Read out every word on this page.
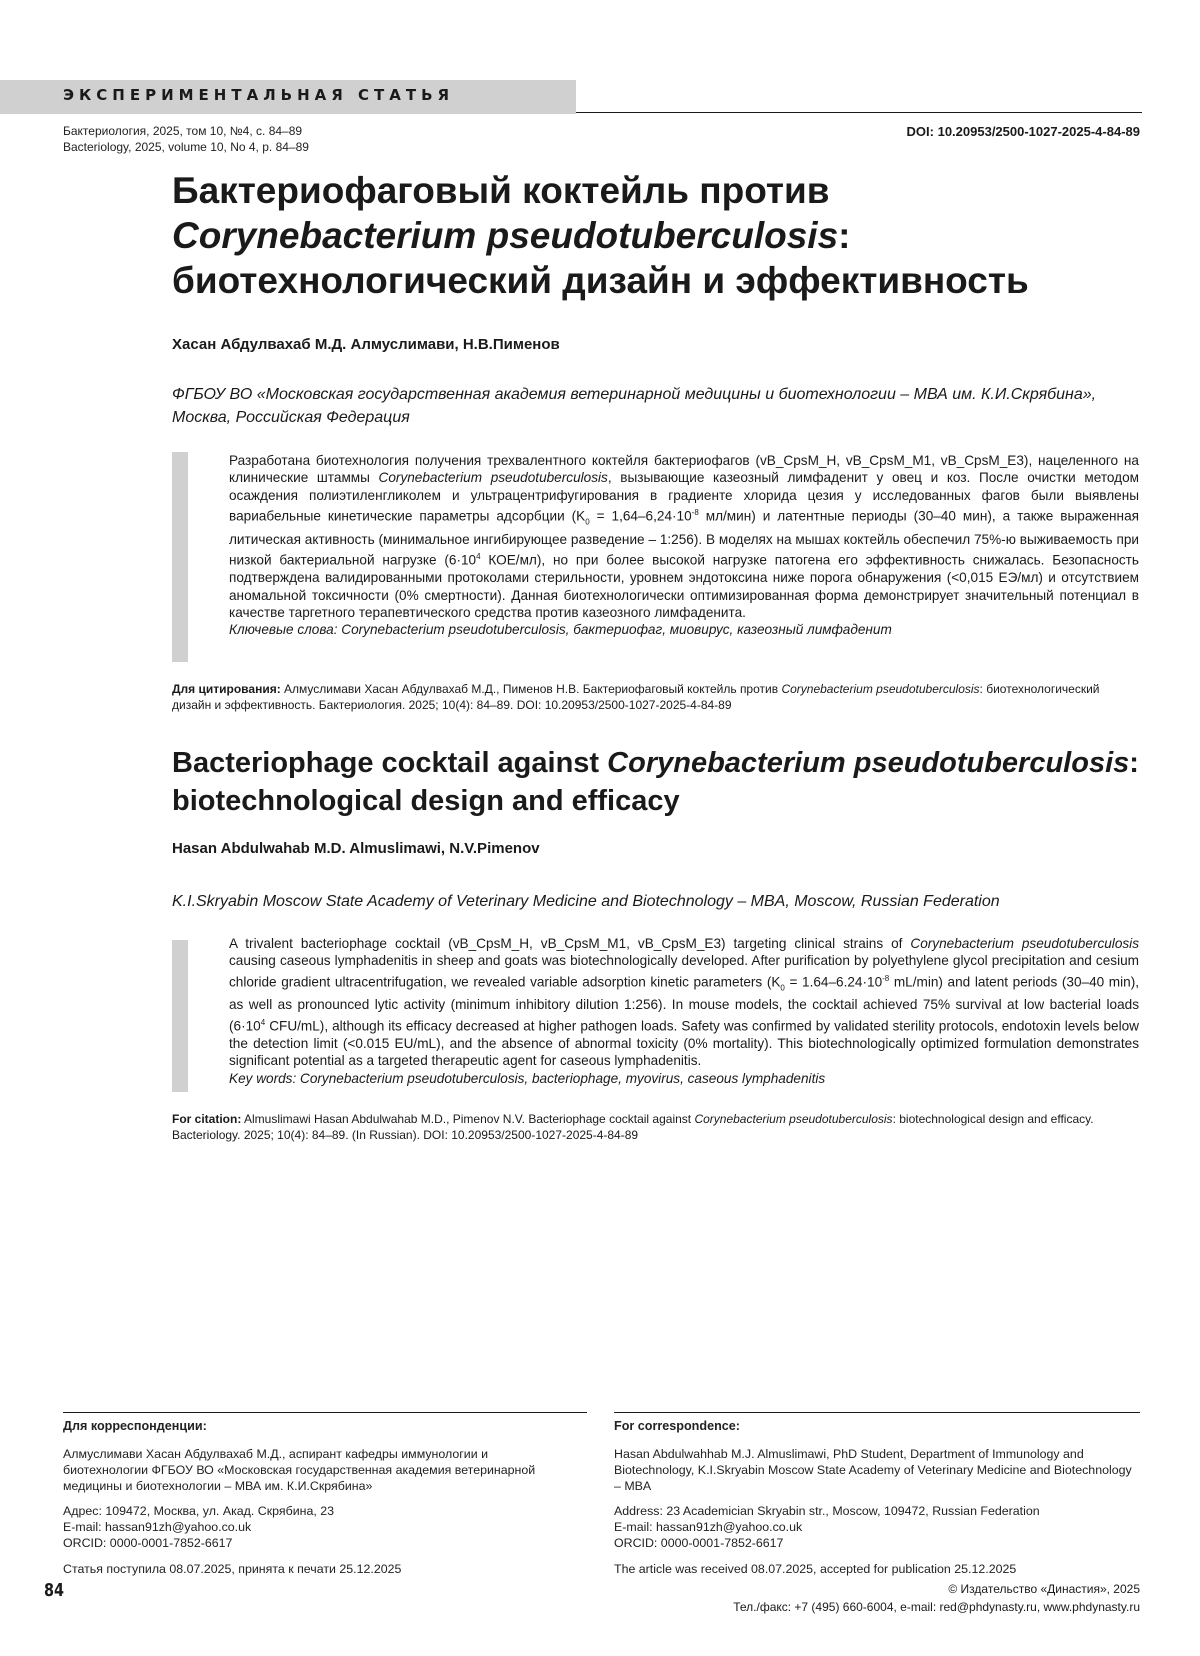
ЭКСПЕРИМЕНТАЛЬНАЯ СТАТЬЯ
Бактериология, 2025, том 10, №4, с. 84–89
Bacteriology, 2025, volume 10, No 4, p. 84–89
DOI: 10.20953/2500-1027-2025-4-84-89
Бактериофаговый коктейль против
Corynebacterium pseudotuberculosis:
биотехнологический дизайн и эффективность
Хасан Абдулвахаб М.Д. Алмуслимави, Н.В.Пименов
ФГБОУ ВО «Московская государственная академия ветеринарной медицины и биотехнологии – МВА им. К.И.Скрябина», Москва, Российская Федерация
Разработана биотехнология получения трехвалентного коктейля бактериофагов (vB_CpsM_H, vB_CpsM_M1, vB_CpsM_E3), нацеленного на клинические штаммы Corynebacterium pseudotuberculosis, вызывающие казеозный лимфаденит у овец и коз. После очистки методом осаждения полиэтиленгликолем и ультрацентрифугирования в градиенте хлорида цезия у исследованных фагов были выявлены вариабельные кинетические параметры адсорбции ($K_0 = 1,64-6,24\cdot 10^{-8}$ мл/мин) и латентные периоды (30–40 мин), а также выраженная литическая активность (минимальное ингибирующее разведение – 1:256). В моделях на мышах коктейль обеспечил 75%-ю выживаемость при низкой бактериальной нагрузке ($6\cdot 10^4$ КОЕ/мл), но при более высокой нагрузке патогена его эффективность снижалась. Безопасность подтверждена валидированными протоколами стерильности, уровнем эндотоксина ниже порога обнаружения (<0,015 ЕЭ/мл) и отсутствием аномальной токсичности (0% смертности). Данная биотехнологически оптимизированная форма демонстрирует значительный потенциал в качестве таргетного терапевтического средства против казеозного лимфаденита.
Ключевые слова: Corynebacterium pseudotuberculosis, бактериофаг, миовирус, казеозный лимфаденит
Для цитирования: Алмуслимави Хасан Абдулвахаб М.Д., Пименов Н.В. Бактериофаговый коктейль против Corynebacterium pseudotuberculosis: биотехнологический дизайн и эффективность. Бактериология. 2025; 10(4): 84–89. DOI: 10.20953/2500-1027-2025-4-84-89
Bacteriophage cocktail against Corynebacterium pseudotuberculosis: biotechnological design and efficacy
Hasan Abdulwahab M.D. Almuslimawi, N.V.Pimenov
K.I.Skryabin Moscow State Academy of Veterinary Medicine and Biotechnology – MBA, Moscow, Russian Federation
A trivalent bacteriophage cocktail (vB_CpsM_H, vB_CpsM_M1, vB_CpsM_E3) targeting clinical strains of Corynebacterium pseudotuberculosis causing caseous lymphadenitis in sheep and goats was biotechnologically developed. After purification by polyethylene glycol precipitation and cesium chloride gradient ultracentrifugation, we revealed variable adsorption kinetic parameters ($K_0 = 1.64-6.24\cdot 10^{-8}$ mL/min) and latent periods (30–40 min), as well as pronounced lytic activity (minimum inhibitory dilution 1:256). In mouse models, the cocktail achieved 75% survival at low bacterial loads ($6\cdot 10^4$ CFU/mL), although its efficacy decreased at higher pathogen loads. Safety was confirmed by validated sterility protocols, endotoxin levels below the detection limit (<0.015 EU/mL), and the absence of abnormal toxicity (0% mortality). This biotechnologically optimized formulation demonstrates significant potential as a targeted therapeutic agent for caseous lymphadenitis.
Key words: Corynebacterium pseudotuberculosis, bacteriophage, myovirus, caseous lymphadenitis
For citation: Almuslimawi Hasan Abdulwahab M.D., Pimenov N.V. Bacteriophage cocktail against Corynebacterium pseudotuberculosis: biotechnological design and efficacy. Bacteriology. 2025; 10(4): 84–89. (In Russian). DOI: 10.20953/2500-1027-2025-4-84-89
Для корреспонденции:

Алмуслимави Хасан Абдулвахаб М.Д., аспирант кафедры иммунологии и биотехнологии ФГБОУ ВО «Московская государственная академия ветеринарной медицины и биотехнологии – МВА им. К.И.Скрябина»

Адрес: 109472, Москва, ул. Акад. Скрябина, 23
E-mail: hassan91zh@yahoo.co.uk
ORCID: 0000-0001-7852-6617
Статья поступила 08.07.2025, принята к печати 25.12.2025
For correspondence:

Hasan Abdulwahhab M.J. Almuslimawi, PhD Student, Department of Immunology and Biotechnology, K.I.Skryabin Moscow State Academy of Veterinary Medicine and Biotechnology – MBA

Address: 23 Academician Skryabin str., Moscow, 109472, Russian Federation
E-mail: hassan91zh@yahoo.co.uk
ORCID: 0000-0001-7852-6617
The article was received 08.07.2025, accepted for publication 25.12.2025
84	© Издательство «Династия», 2025
Тел./факс: +7 (495) 660-6004, e-mail: red@phdynasty.ru, www.phdynasty.ru
